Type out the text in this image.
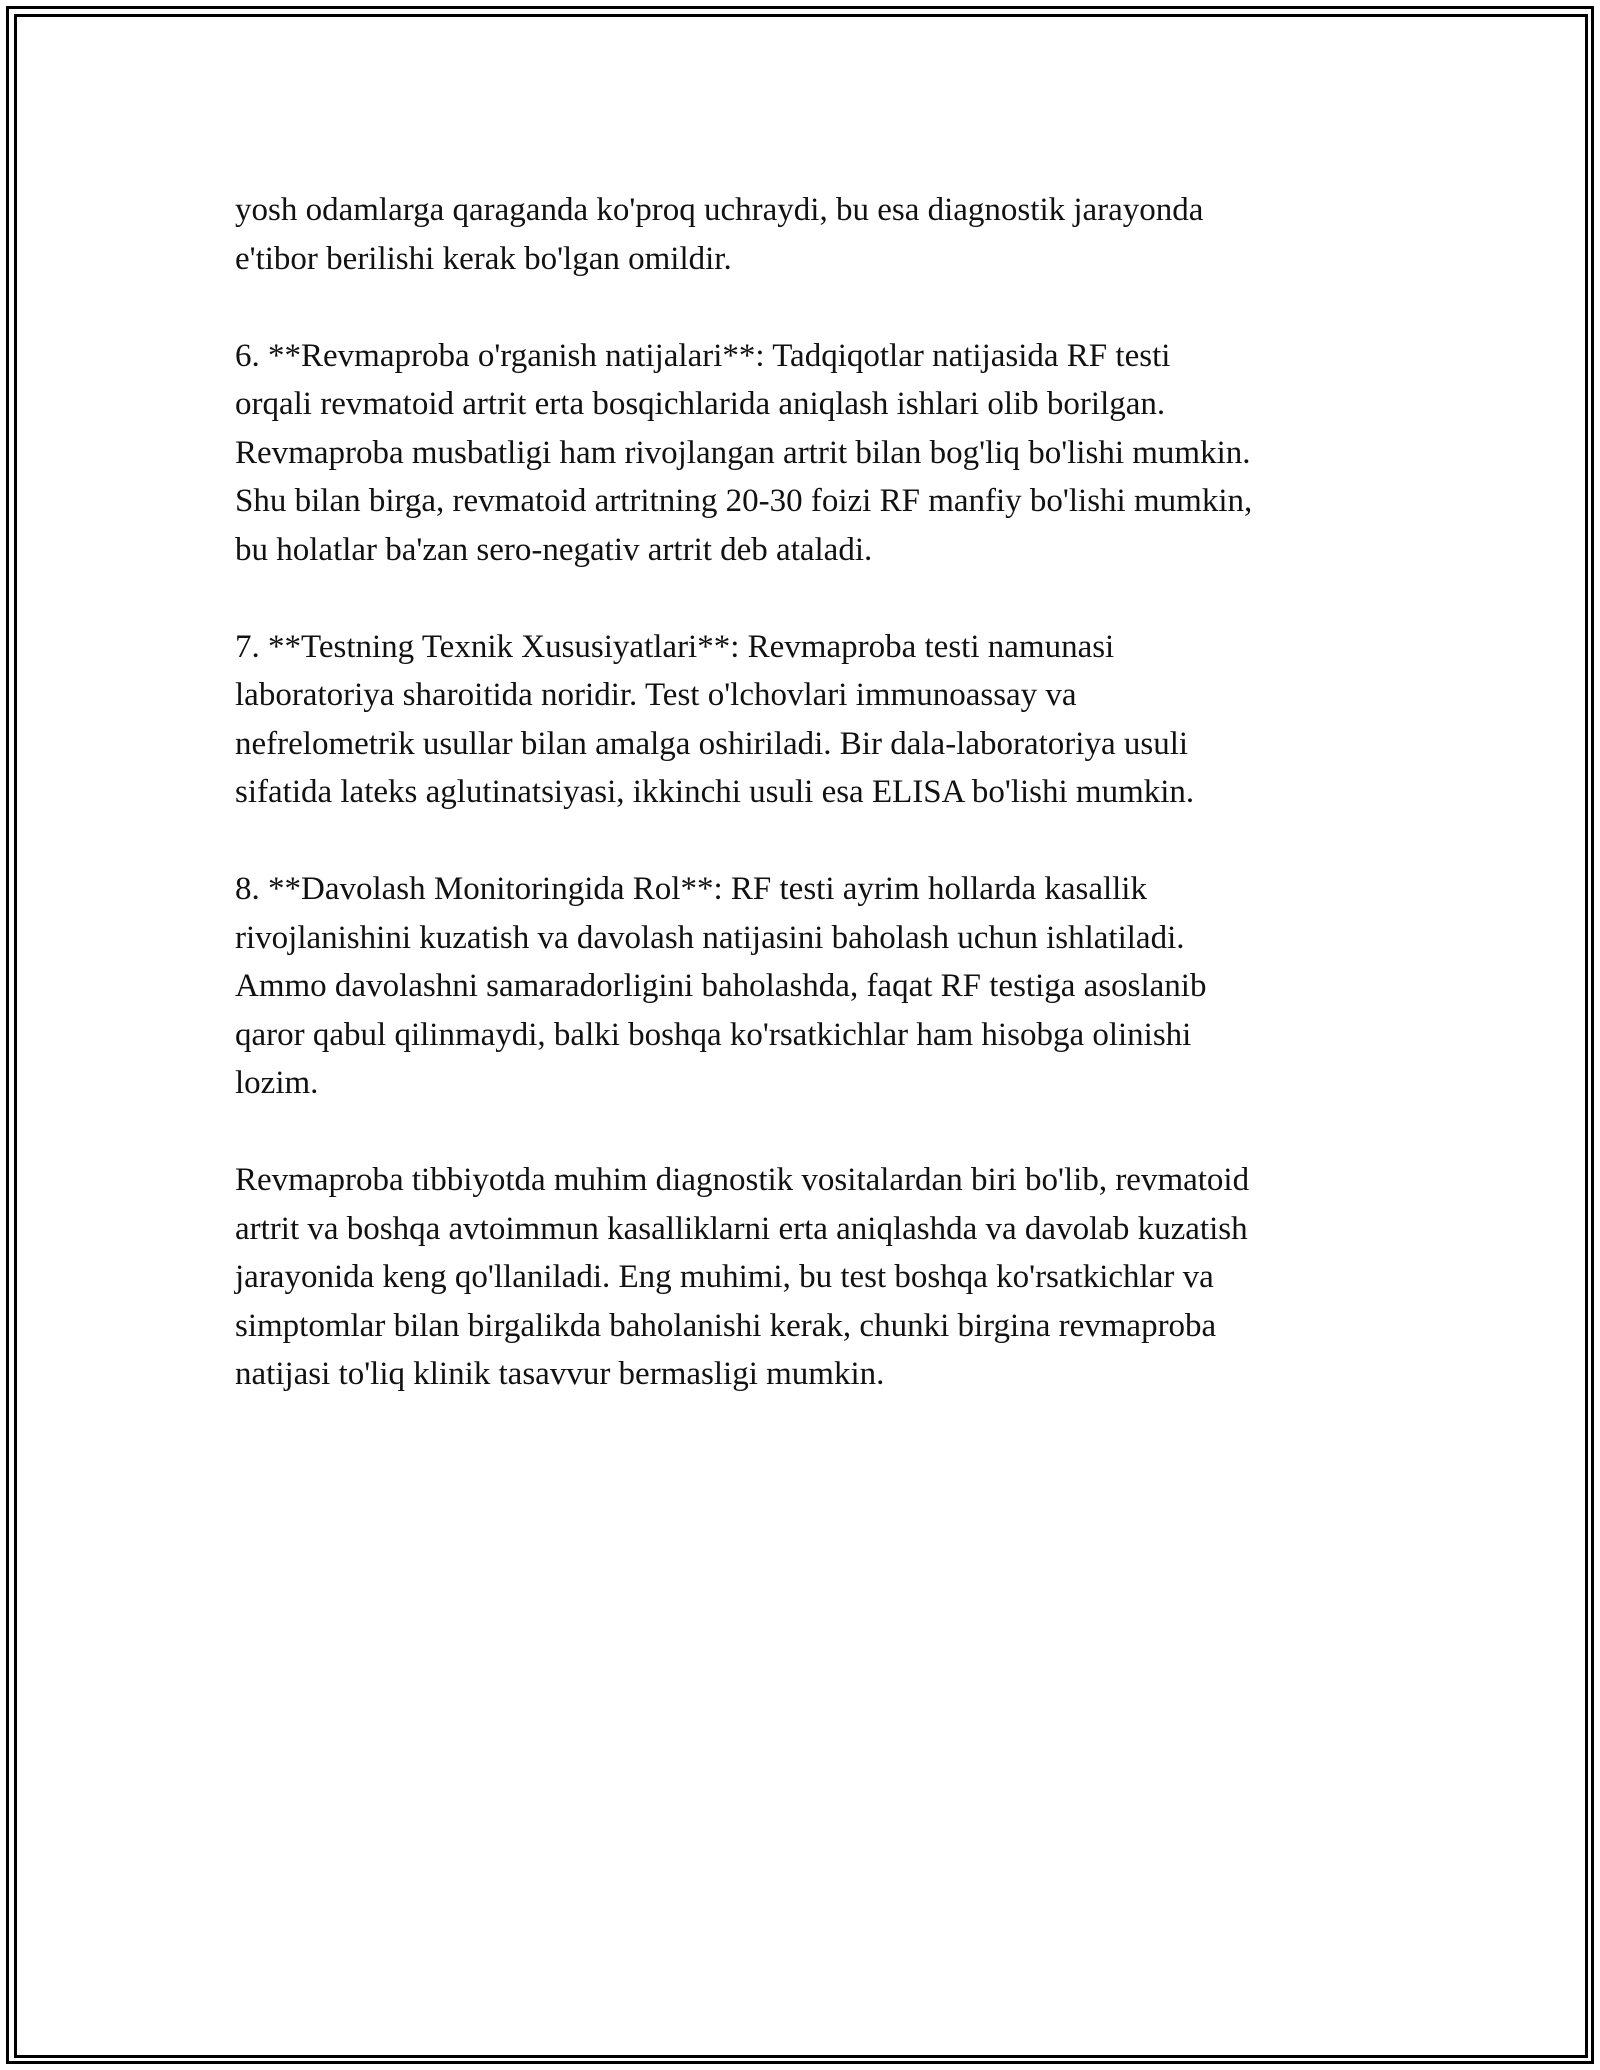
yosh odamlarga qaraganda ko'proq uchraydi, bu esa diagnostik jarayonda
e'tibor berilishi kerak bo'lgan omildir.

6. **Revmaproba o'rganish natijalari**: Tadqiqotlar natijasida RF testi
orqali revmatoid artrit erta bosqichlarida aniqlash ishlari olib borilgan.
Revmaproba musbatligi ham rivojlangan artrit bilan bog'liq bo'lishi mumkin.
Shu bilan birga, revmatoid artritning 20-30 foizi RF manfiy bo'lishi mumkin,
bu holatlar ba'zan sero-negativ artrit deb ataladi.

7. **Testning Texnik Xususiyatlari**: Revmaproba testi namunasi
laboratoriya sharoitida noridir. Test o'lchovlari immunoassay va
nefrelometrik usullar bilan amalga oshiriladi. Bir dala-laboratoriya usuli
sifatida lateks aglutinatsiyasi, ikkinchi usuli esa ELISA bo'lishi mumkin.

8. **Davolash Monitoringida Rol**: RF testi ayrim hollarda kasallik
rivojlanishini kuzatish va davolash natijasini baholash uchun ishlatiladi.
Ammo davolashni samaradorligini baholashda, faqat RF testiga asoslanib
qaror qabul qilinmaydi, balki boshqa ko'rsatkichlar ham hisobga olinishi
lozim.

Revmaproba tibbiyotda muhim diagnostik vositalardan biri bo'lib, revmatoid
artrit va boshqa avtoimmun kasalliklarni erta aniqlashda va davolab kuzatish
jarayonida keng qo'llaniladi. Eng muhimi, bu test boshqa ko'rsatkichlar va
simptomlar bilan birgalikda baholanishi kerak, chunki birgina revmaproba
natijasi to'liq klinik tasavvur bermasligi mumkin.
